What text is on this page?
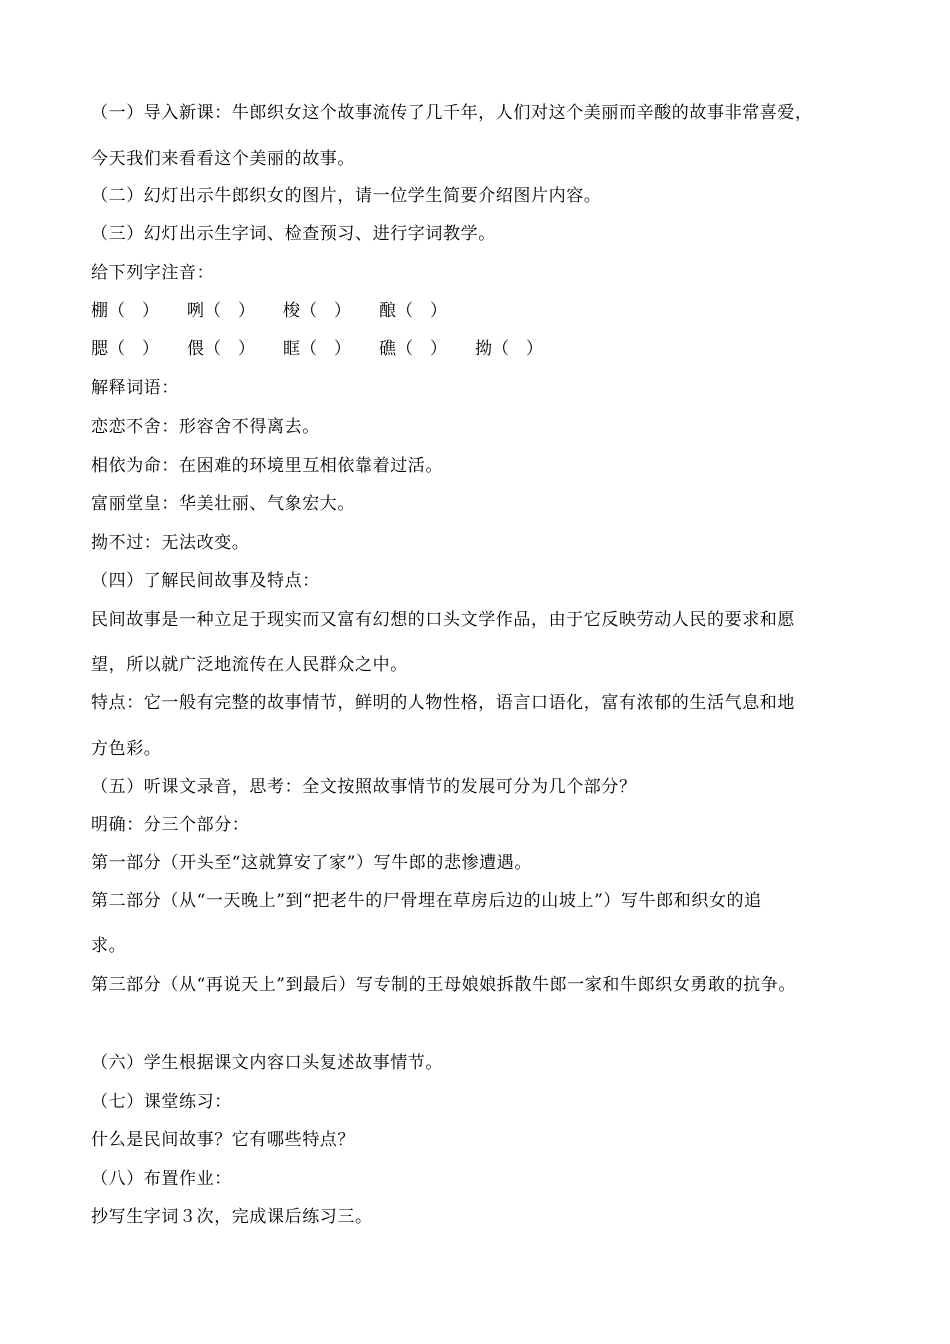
（一）导入新课：牛郎织女这个故事流传了几千年，人们对这个美丽而辛酸的故事非常喜爱，
今天我们来看看这个美丽的故事。
（二）幻灯出示牛郎织女的图片，请一位学生简要介绍图片内容。
（三）幻灯出示生字词、检查预习、进行字词教学。
给下列字注音：
棚（　） 咧（　） 梭（　） 酿（　）
腮（　） 偎（　） 眶（　） 礁（　） 拗（　）
解释词语：
恋恋不舍：形容舍不得离去。
相依为命：在困难的环境里互相依靠着过活。
富丽堂皇：华美壮丽、气象宏大。
拗不过：无法改变。
（四）了解民间故事及特点：
民间故事是一种立足于现实而又富有幻想的口头文学作品，由于它反映劳动人民的要求和愿
望，所以就广泛地流传在人民群众之中。
特点：它一般有完整的故事情节，鲜明的人物性格，语言口语化，富有浓郁的生活气息和地
方色彩。
（五）听课文录音，思考：全文按照故事情节的发展可分为几个部分？
明确：分三个部分：
第一部分（开头至“这就算安了家”）写牛郎的悲惨遭遇。
第二部分（从“一天晚上”到“把老牛的尸骨埋在草房后边的山坡上”）写牛郎和织女的追
求。
第三部分（从“再说天上”到最后）写专制的王母娘娘拆散牛郎一家和牛郎织女勇敢的抗争。
（六）学生根据课文内容口头复述故事情节。
（七）课堂练习：
什么是民间故事？它有哪些特点？
（八）布置作业：
抄写生字词３次，完成课后练习三。
